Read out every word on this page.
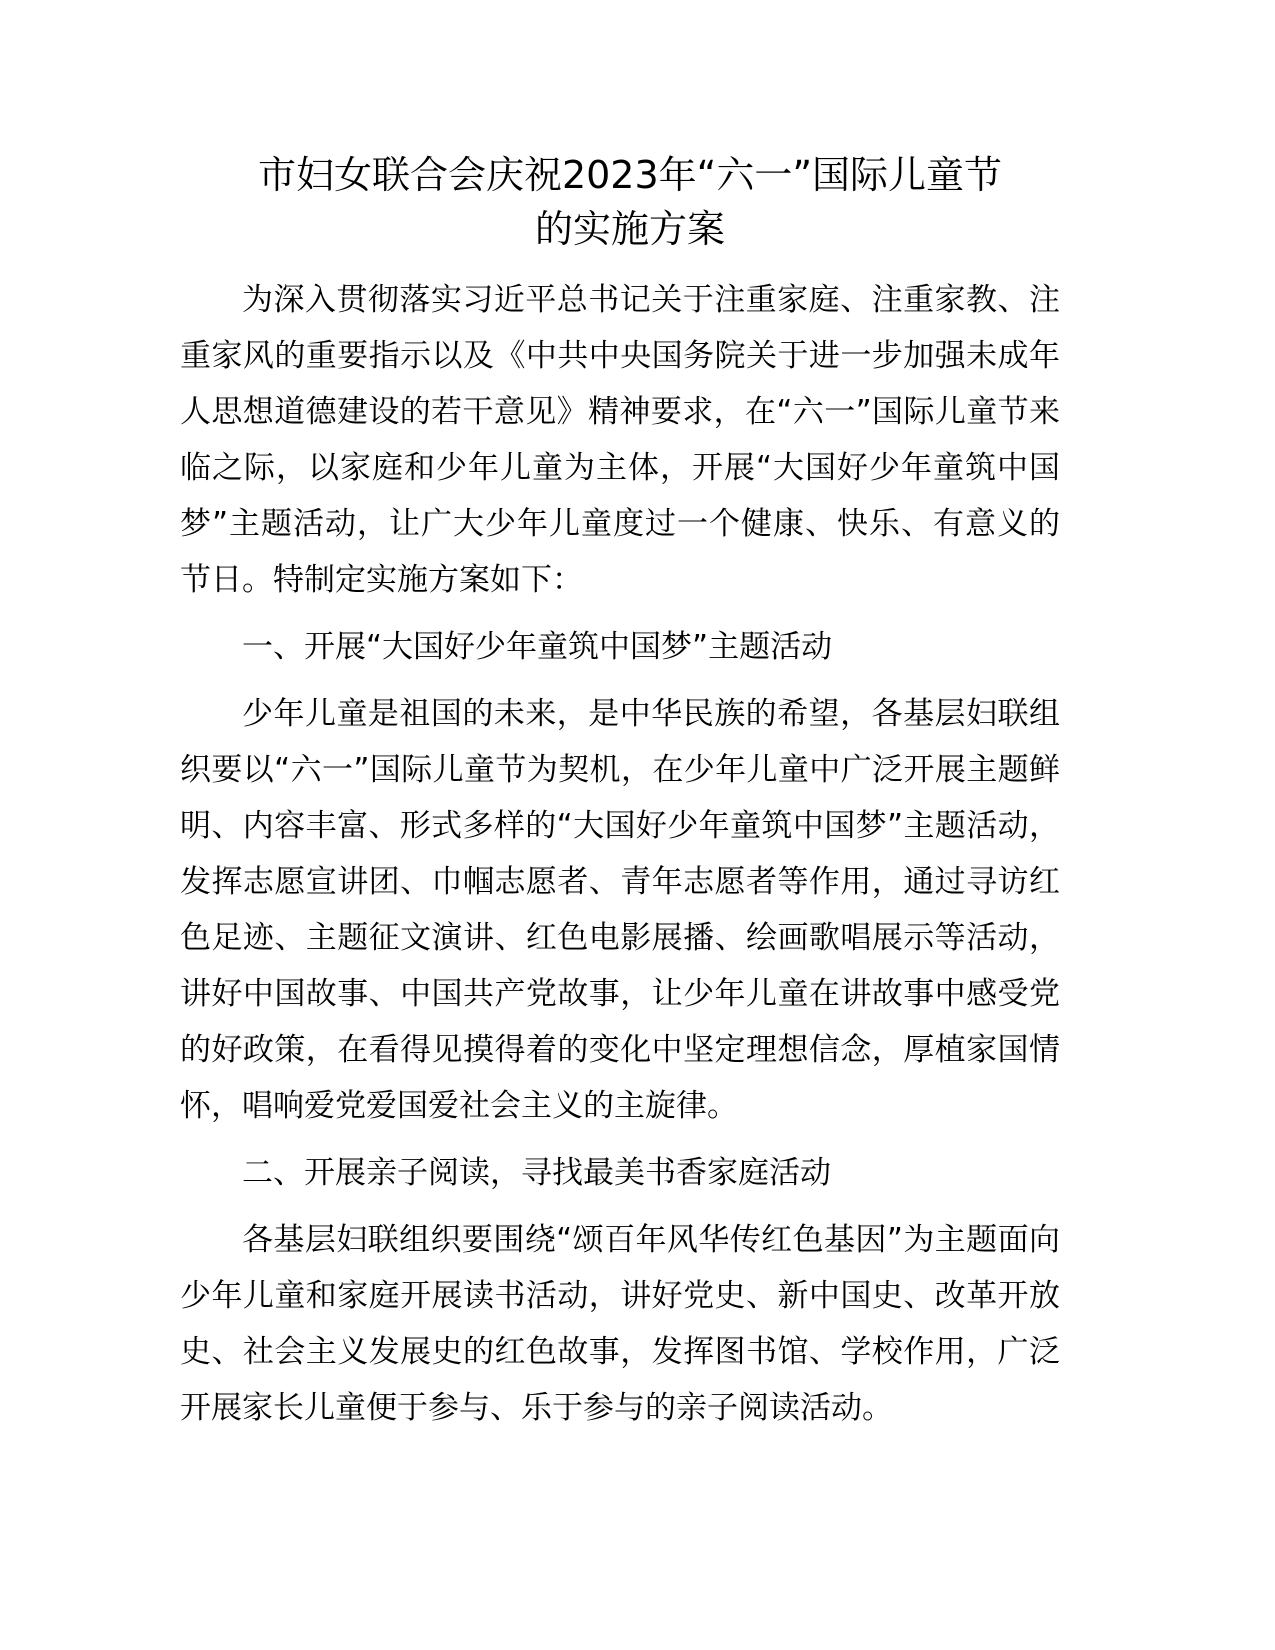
市妇女联合会庆祝2023年“六一”国际儿童节
的实施方案

为深入贯彻落实习近平总书记关于注重家庭、注重家教、注重家风的重要指示以及《中共中央国务院关于进一步加强未成年人思想道德建设的若干意见》精神要求，在“六一”国际儿童节来临之际，以家庭和少年儿童为主体，开展“大国好少年童筑中国梦”主题活动，让广大少年儿童度过一个健康、快乐、有意义的节日。特制定实施方案如下：

一、开展“大国好少年童筑中国梦”主题活动

少年儿童是祖国的未来，是中华民族的希望，各基层妇联组织要以“六一”国际儿童节为契机，在少年儿童中广泛开展主题鲜明、内容丰富、形式多样的“大国好少年童筑中国梦”主题活动，发挥志愿宣讲团、巾帼志愿者、青年志愿者等作用，通过寻访红色足迹、主题征文演讲、红色电影展播、绘画歌唱展示等活动，讲好中国故事、中国共产党故事，让少年儿童在讲故事中感受党的好政策，在看得见摸得着的变化中坚定理想信念，厚植家国情怀，唱响爱党爱国爱社会主义的主旋律。

二、开展亲子阅读，寻找最美书香家庭活动

各基层妇联组织要围绕“颂百年风华传红色基因”为主题面向少年儿童和家庭开展读书活动，讲好党史、新中国史、改革开放史、社会主义发展史的红色故事，发挥图书馆、学校作用，广泛开展家长儿童便于参与、乐于参与的亲子阅读活动。
